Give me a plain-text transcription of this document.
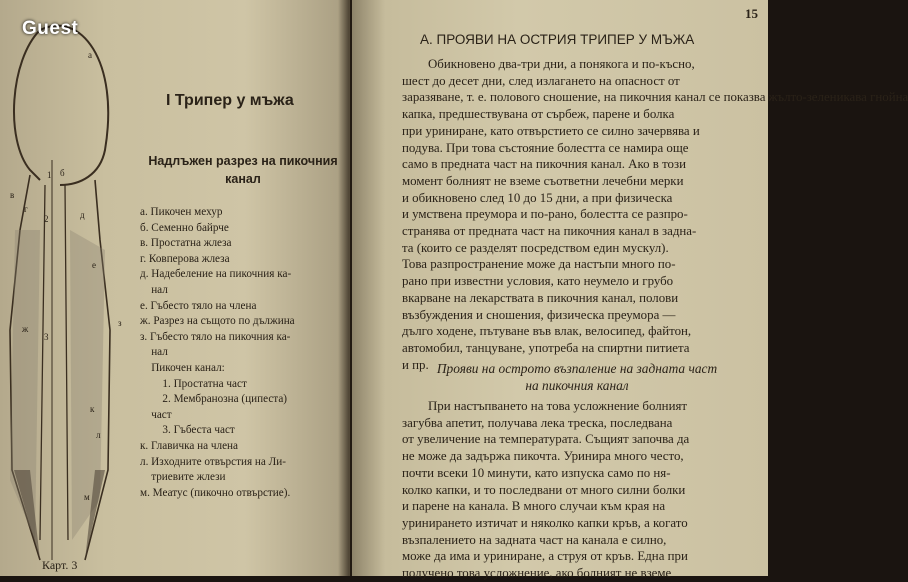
а
в
1 б
г
2	д
е
ж
з
3
к
л
м
Карт. 3
I Трипер у мъжа
Надлъжен разрез на пикочния
канал
а. Пикочен мехур
б. Семенно байрче
в. Простатна жлеза
г. Ковперова жлеза
д. Надебеление на пикочния ка-
нал
е. Гъбесто тяло на члена
ж. Разрез на същото по дължина
з. Гъбесто тяло на пикочния ка-
нал
Пикочен канал:
1. Простатна част
2. Мембранозна (ципеста)
част
3. Гъбеста част
к. Главичка на члена
л. Изходните отвърстия на Ли-
триевите жлези
м. Меатус (пикочно отвърстие).
Guest
15
А. ПРОЯВИ НА ОСТРИЯ ТРИПЕР У МЪЖА
Обикновено два-три дни, а понякога и по-късно,
шест до десет дни, след излагането на опасност от
заразяване, т. е. полового сношение, на пикочния канал се показва жълто-зеленикава гнойна
капка, предшествувана от сърбеж, парене и болка
при уриниране, като отвърстието се силно зачервява и
подува. При това състояние болестта се намира още
само в предната част на пикочния канал. Ако в този
момент болният не вземе съответни лечебни мерки
и обикновено след 10 до 15 дни, а при физическа
и умствена преумора и по-рано, болестта се разпро-
странява от предната част на пикочния канал в задна-
та (които се разделят посредством един мускул).
Това разпространение може да настъпи много по-
рано при известни условия, като неумело и грубо
вкарване на лекарствата в пикочния канал, полови
възбуждения и сношения, физическа преумора —
дълго ходене, пътуване във влак, велосипед, файтон,
автомобил, танцуване, употреба на спиртни питиета
и пр. Прояви на острото възпаление на задната част
на пикочния канал
При настъпването на това усложнение болният
загубва апетит, получава лека треска, последвана
от увеличение на температурата. Същият започва да
не може да задържа пикочта. Уринира много често,
почти всеки 10 минути, като изпуска само по ня-
колко капки, и то последвани от много силни болки
и парене на канала. В много случаи към края на
уринирането изтичат и няколко капки кръв, а когато
възпалението на задната част на канала е силно,
може да има и уриниране, а струя от кръв. Една при
получено това усложнение, ако болният не вземе
